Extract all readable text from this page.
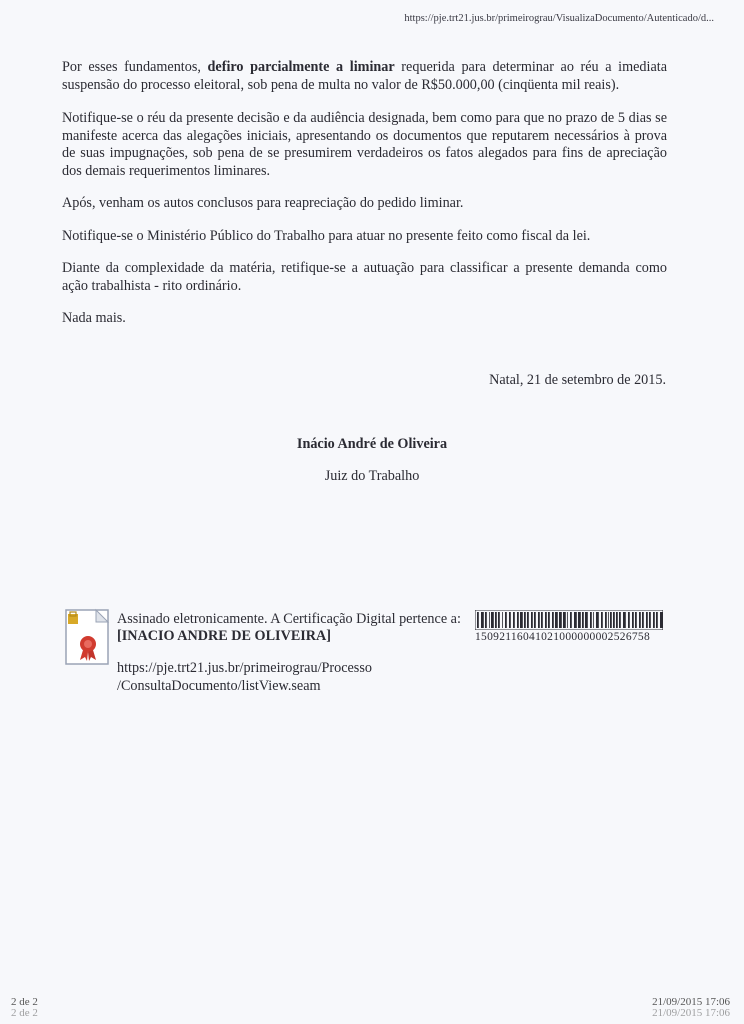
https://pje.trt21.jus.br/primeirograu/VisualizaDocumento/Autenticado/d...

Por esses fundamentos, defiro parcialmente a liminar requerida para determinar ao réu a imediata suspensão do processo eleitoral, sob pena de multa no valor de R$50.000,00 (cinqüenta mil reais).

Notifique-se o réu da presente decisão e da audiência designada, bem como para que no prazo de 5 dias se manifeste acerca das alegações iniciais, apresentando os documentos que reputarem necessários à prova de suas impugnações, sob pena de se presumirem verdadeiros os fatos alegados para fins de apreciação dos demais requerimentos liminares.

Após, venham os autos conclusos para reapreciação do pedido liminar.

Notifique-se o Ministério Público do Trabalho para atuar no presente feito como fiscal da lei.

Diante da complexidade da matéria, retifique-se a autuação para classificar a presente demanda como ação trabalhista - rito ordinário.

Nada mais.

Natal, 21 de setembro de 2015.
Inácio André de Oliveira
Juiz do Trabalho
Assinado eletronicamente. A Certificação Digital pertence a:
[INACIO ANDRE DE OLIVEIRA]
https://pje.trt21.jus.br/primeirograu/Processo
/ConsultaDocumento/listView.seam
15092116041021000000002526758
2 de 2
2 de 2
21/09/2015 17:06
21/09/2015 17:06
